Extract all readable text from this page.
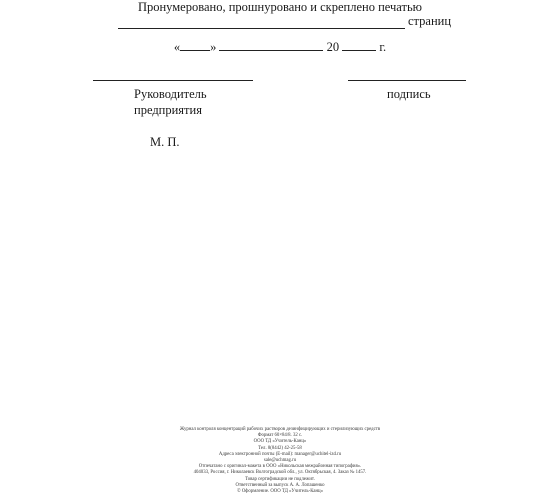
Пронумеровано, прошнуровано и скреплено печатью
страниц
« »	20	г.
Руководитель
предприятия
подпись
М. П.
Журнал контроля концентраций рабочих растворов дезинфицирующих и стерилизующих средств
Формат 60×84/8. 32 с.
ООО ТД «Учитель-Канц»
Тел. 8(8442) 42-25-58
Адреса электронной почты (E-mail): manager@uchitel-izd.ru
sale@uchmag.ru
Отпечатано с оригинал-макета в ООО «Никольская межрайонная типография».
404033, Россия, г. Николаевск Волгоградской обл., ул. Октябрьская, 4. Заказ № 1457.
Товар сертификации не подлежит.
Ответственный за выпуск А. А. Лопашенко
© Оформление. ООО ТД «Учитель-Канц»
